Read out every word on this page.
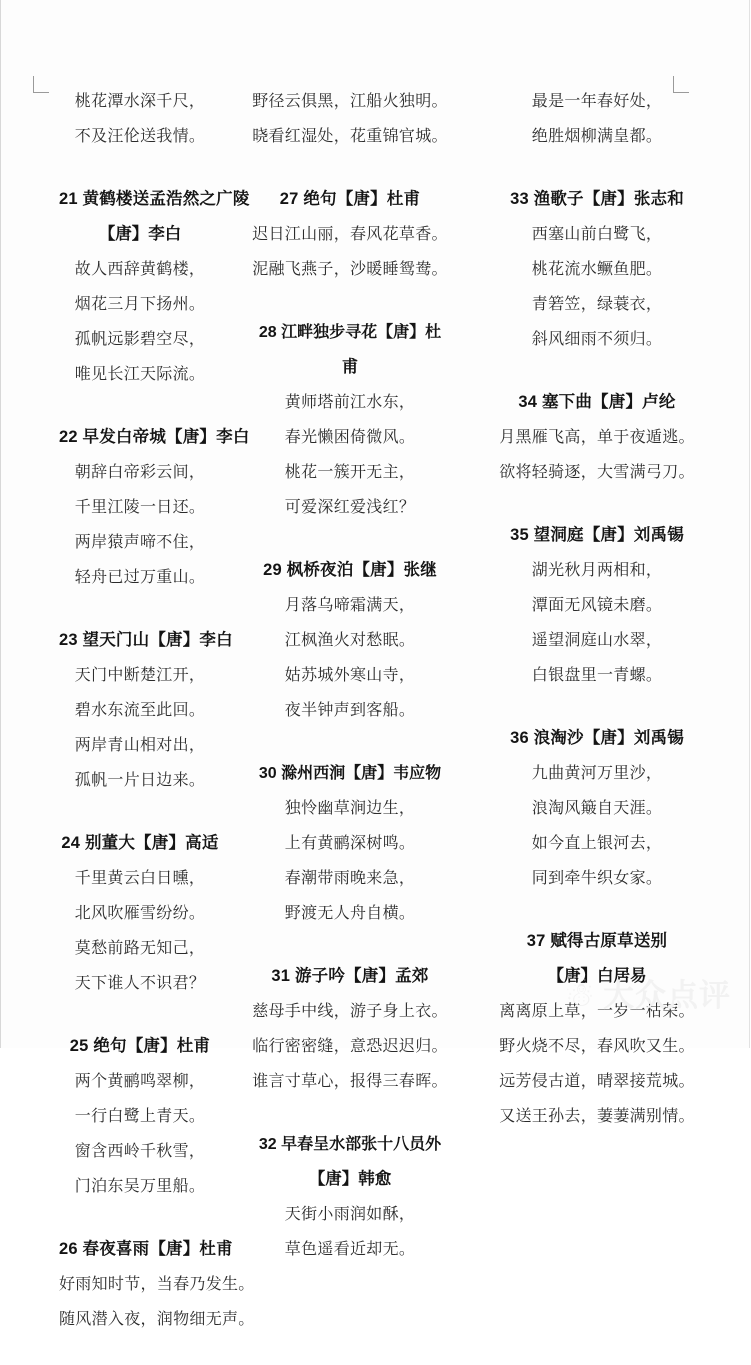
桃花潭水深千尺，
不及汪伦送我情。
21 黄鹤楼送孟浩然之广陵
【唐】李白
故人西辞黄鹤楼，
烟花三月下扬州。
孤帆远影碧空尽，
唯见长江天际流。
22 早发白帝城【唐】李白
朝辞白帝彩云间，
千里江陵一日还。
两岸猿声啼不住，
轻舟已过万重山。
23 望天门山【唐】李白
天门中断楚江开，
碧水东流至此回。
两岸青山相对出，
孤帆一片日边来。
24 别董大【唐】高适
千里黄云白日曛，
北风吹雁雪纷纷。
莫愁前路无知己，
天下谁人不识君？
25 绝句【唐】杜甫
两个黄鹂鸣翠柳，
一行白鹭上青天。
窗含西岭千秋雪，
门泊东吴万里船。
26 春夜喜雨【唐】杜甫
好雨知时节，当春乃发生。
随风潜入夜，润物细无声。
野径云俱黑，江船火独明。
晓看红湿处，花重锦官城。
27 绝句【唐】杜甫
迟日江山丽，春风花草香。
泥融飞燕子，沙暖睡鸳鸯。
28 江畔独步寻花【唐】杜
甫
黄师塔前江水东，
春光懒困倚微风。
桃花一簇开无主，
可爱深红爱浅红？
29 枫桥夜泊【唐】张继
月落乌啼霜满天，
江枫渔火对愁眠。
姑苏城外寒山寺，
夜半钟声到客船。
30 滁州西涧【唐】韦应物
独怜幽草涧边生，
上有黄鹂深树鸣。
春潮带雨晚来急，
野渡无人舟自横。
31 游子吟【唐】孟郊
慈母手中线，游子身上衣。
临行密密缝，意恐迟迟归。
谁言寸草心，报得三春晖。
32 早春呈水部张十八员外
【唐】韩愈
天街小雨润如酥，
草色遥看近却无。
最是一年春好处，
绝胜烟柳满皇都。
33 渔歌子【唐】张志和
西塞山前白鹭飞，
桃花流水鳜鱼肥。
青箬笠，绿蓑衣，
斜风细雨不须归。
34 塞下曲【唐】卢纶
月黑雁飞高，单于夜遁逃。
欲将轻骑逐，大雪满弓刀。
35 望洞庭【唐】刘禹锡
湖光秋月两相和，
潭面无风镜未磨。
遥望洞庭山水翠，
白银盘里一青螺。
36 浪淘沙【唐】刘禹锡
九曲黄河万里沙，
浪淘风簸自天涯。
如今直上银河去，
同到牵牛织女家。
37 赋得古原草送别
【唐】白居易
离离原上草，一岁一枯荣。
野火烧不尽，春风吹又生。
远芳侵古道，晴翠接荒城。
又送王孙去，萋萋满别情。
☃ 大众点评
